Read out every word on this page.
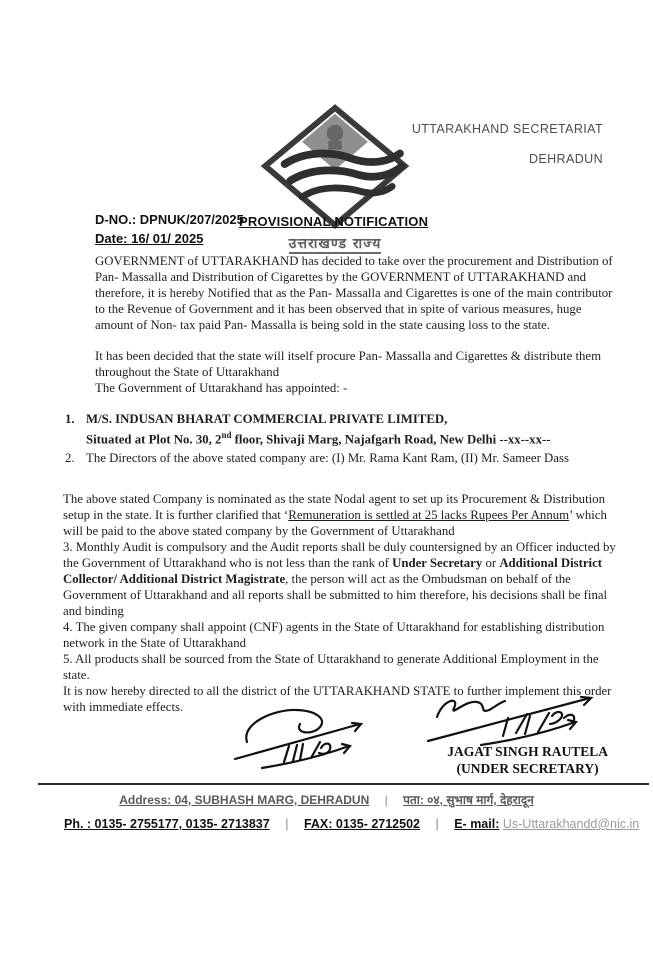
उत्तराखण्ड राज्य
UTTARAKHAND SECRETARIAT
DEHRADUN
D-NO.: DPNUK/207/2025
Date: 16/ 01/ 2025
PROVISIONAL NOTIFICATION

GOVERNMENT of UTTARAKHAND has decided to take over the procurement and Distribution of Pan- Massalla and Distribution of Cigarettes by the GOVERNMENT of UTTARAKHAND and therefore, it is hereby Notified that as the Pan- Massalla and Cigarettes is one of the main contributor to the Revenue of Government and it has been observed that in spite of various measures, huge amount of Non- tax paid Pan- Massalla is being sold in the state causing loss to the state.

It has been decided that the state will itself procure Pan- Massalla and Cigarettes & distribute them throughout the State of Uttarakhand

The Government of Uttarakhand has appointed: -

1. M/S. INDUSAN BHARAT COMMERCIAL PRIVATE LIMITED,
Situated at Plot No. 30, 2nd floor, Shivaji Marg, Najafgarh Road, New Delhi --xx--xx--
2. The Directors of the above stated company are: (I) Mr. Rama Kant Ram, (II) Mr. Sameer Dass

The above stated Company is nominated as the state Nodal agent to set up its Procurement & Distribution setup in the state. It is further clarified that ‘Remuneration is settled at 25 lacks Rupees Per Annum’ which will be paid to the above stated company by the Government of Uttarakhand

3. Monthly Audit is compulsory and the Audit reports shall be duly countersigned by an Officer inducted by the Government of Uttarakhand who is not less than the rank of Under Secretary or Additional District Collector/ Additional District Magistrate, the person will act as the Ombudsman on behalf of the Government of Uttarakhand and all reports shall be submitted to him therefore, his decisions shall be final and binding

4. The given company shall appoint (CNF) agents in the State of Uttarakhand for establishing distribution network in the State of Uttarakhand

5. All products shall be sourced from the State of Uttarakhand to generate Additional Employment in the state.

It is now hereby directed to all the district of the UTTARAKHAND STATE to further implement this order with immediate effects.

JAGAT SINGH RAUTELA
(UNDER SECRETARY)
Address: 04, SUBHASH MARG, DEHRADUN | पता: ०४, सुभाष मार्ग, देहरादून
Ph. : 0135- 2755177, 0135- 2713837 | FAX: 0135- 2712502 | E- mail: Us-Uttarakhandd@nic.in
